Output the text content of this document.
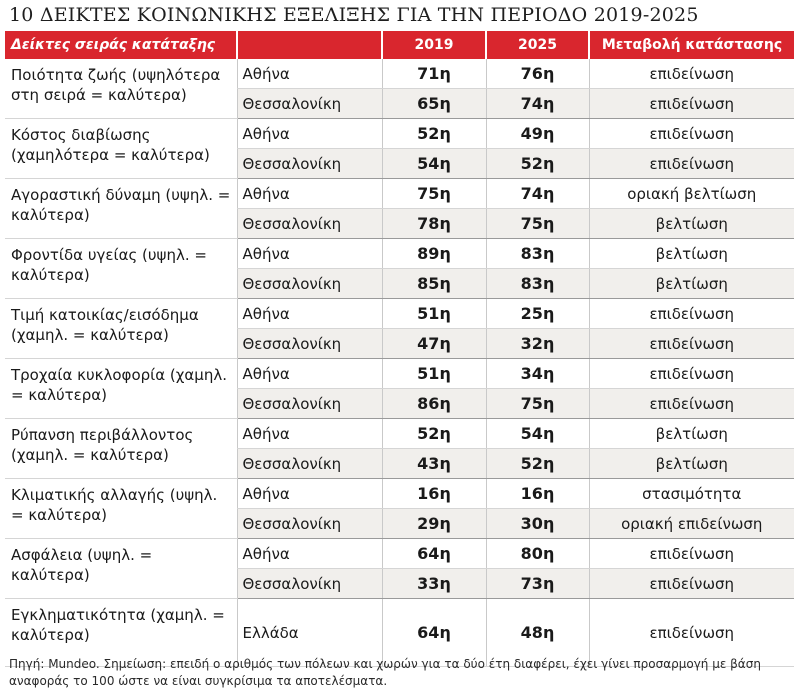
10 ΔΕΙΚΤΕΣ ΚΟΙΝΩΝΙΚΗΣ ΕΞΕΛΙΞΗΣ ΓΙΑ ΤΗΝ ΠΕΡΙΟΔΟ 2019-2025
Δείκτες σειράς κατάταξης		2019	2025	Μεταβολή κατάστασης
Ποιότητα ζωής (υψηλότερα στη σειρά = καλύτερα)	Αθήνα	71η	76η	επιδείνωση
	Θεσσαλονίκη	65η	74η	επιδείνωση
Κόστος διαβίωσης (χαμηλότερα = καλύτερα)	Αθήνα	52η	49η	επιδείνωση
	Θεσσαλονίκη	54η	52η	επιδείνωση
Αγοραστική δύναμη (υψηλ. = καλύτερα)	Αθήνα	75η	74η	οριακή βελτίωση
	Θεσσαλονίκη	78η	75η	βελτίωση
Φροντίδα υγείας (υψηλ. = καλύτερα)	Αθήνα	89η	83η	βελτίωση
	Θεσσαλονίκη	85η	83η	βελτίωση
Τιμή κατοικίας/εισόδημα (χαμηλ. = καλύτερα)	Αθήνα	51η	25η	επιδείνωση
	Θεσσαλονίκη	47η	32η	επιδείνωση
Τροχαία κυκλοφορία (χαμηλ. = καλύτερα)	Αθήνα	51η	34η	επιδείνωση
	Θεσσαλονίκη	86η	75η	επιδείνωση
Ρύπανση περιβάλλοντος (χαμηλ. = καλύτερα)	Αθήνα	52η	54η	βελτίωση
	Θεσσαλονίκη	43η	52η	βελτίωση
Κλιματικής αλλαγής (υψηλ. = καλύτερα)	Αθήνα	16η	16η	στασιμότητα
	Θεσσαλονίκη	29η	30η	οριακή επιδείνωση
Ασφάλεια (υψηλ. = καλύτερα)	Αθήνα	64η	80η	επιδείνωση
	Θεσσαλονίκη	33η	73η	επιδείνωση
Εγκληματικότητα (χαμηλ. = καλύτερα)	Ελλάδα	64η	48η	επιδείνωση
Πηγή: Mundeo. Σημείωση: επειδή ο αριθμός των πόλεων και χωρών για τα δύο έτη διαφέρει, έχει γίνει προσαρμογή με βάση αναφοράς το 100 ώστε να είναι συγκρίσιμα τα αποτελέσματα.
